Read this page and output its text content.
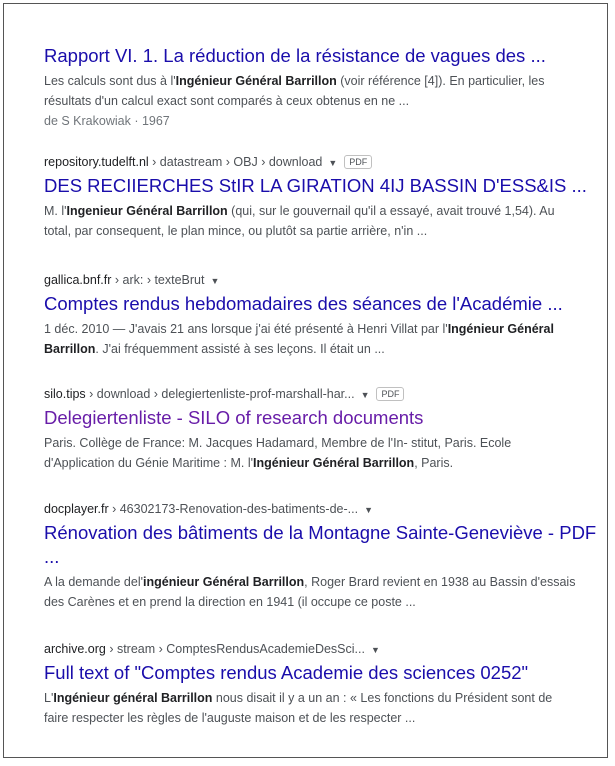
Rapport VI. 1. La réduction de la résistance de vagues des ...
Les calculs sont dus à l'Ingénieur Général Barrillon (voir référence [4]). En particulier, les
résultats d'un calcul exact sont comparés à ceux obtenus en ne ...
de S Krakowiak · 1967
repository.tudelft.nl › datastream › OBJ › download ▼ PDF
DES RECIIERCHES StIR LA GIRATION 4IJ BASSIN D'ESS&IS ...
M. l'Ingenieur Général Barrillon (qui, sur le gouvernail qu'il a essayé, avait trouvé 1,54). Au
total, par consequent, le plan mince, ou plutôt sa partie arrière, n'in ...
gallica.bnf.fr › ark: › texteBrut ▼
Comptes rendus hebdomadaires des séances de l'Académie ...
1 déc. 2010 — J'avais 21 ans lorsque j'ai été présenté à Henri Villat par l'Ingénieur Général
Barrillon. J'ai fréquemment assisté à ses leçons. Il était un ...
silo.tips › download › delegiertenliste-prof-marshall-har... ▼ PDF
Delegiertenliste - SILO of research documents
Paris. Collège de France: M. Jacques Hadamard, Membre de l'In- stitut, Paris. Ecole
d'Application du Génie Maritime : M. l'Ingénieur Général Barrillon, Paris.
docplayer.fr › 46302173-Renovation-des-batiments-de-... ▼
Rénovation des bâtiments de la Montagne Sainte-Geneviève - PDF ...
A la demande del'ingénieur Général Barrillon, Roger Brard revient en 1938 au Bassin d'essais
des Carènes et en prend la direction en 1941 (il occupe ce poste ...
archive.org › stream › ComptesRendusAcademieDesSci... ▼
Full text of "Comptes rendus Academie des sciences 0252"
L'Ingénieur général Barrillon nous disait il y a un an : « Les fonctions du Président sont de
faire respecter les règles de l'auguste maison et de les respecter ...
